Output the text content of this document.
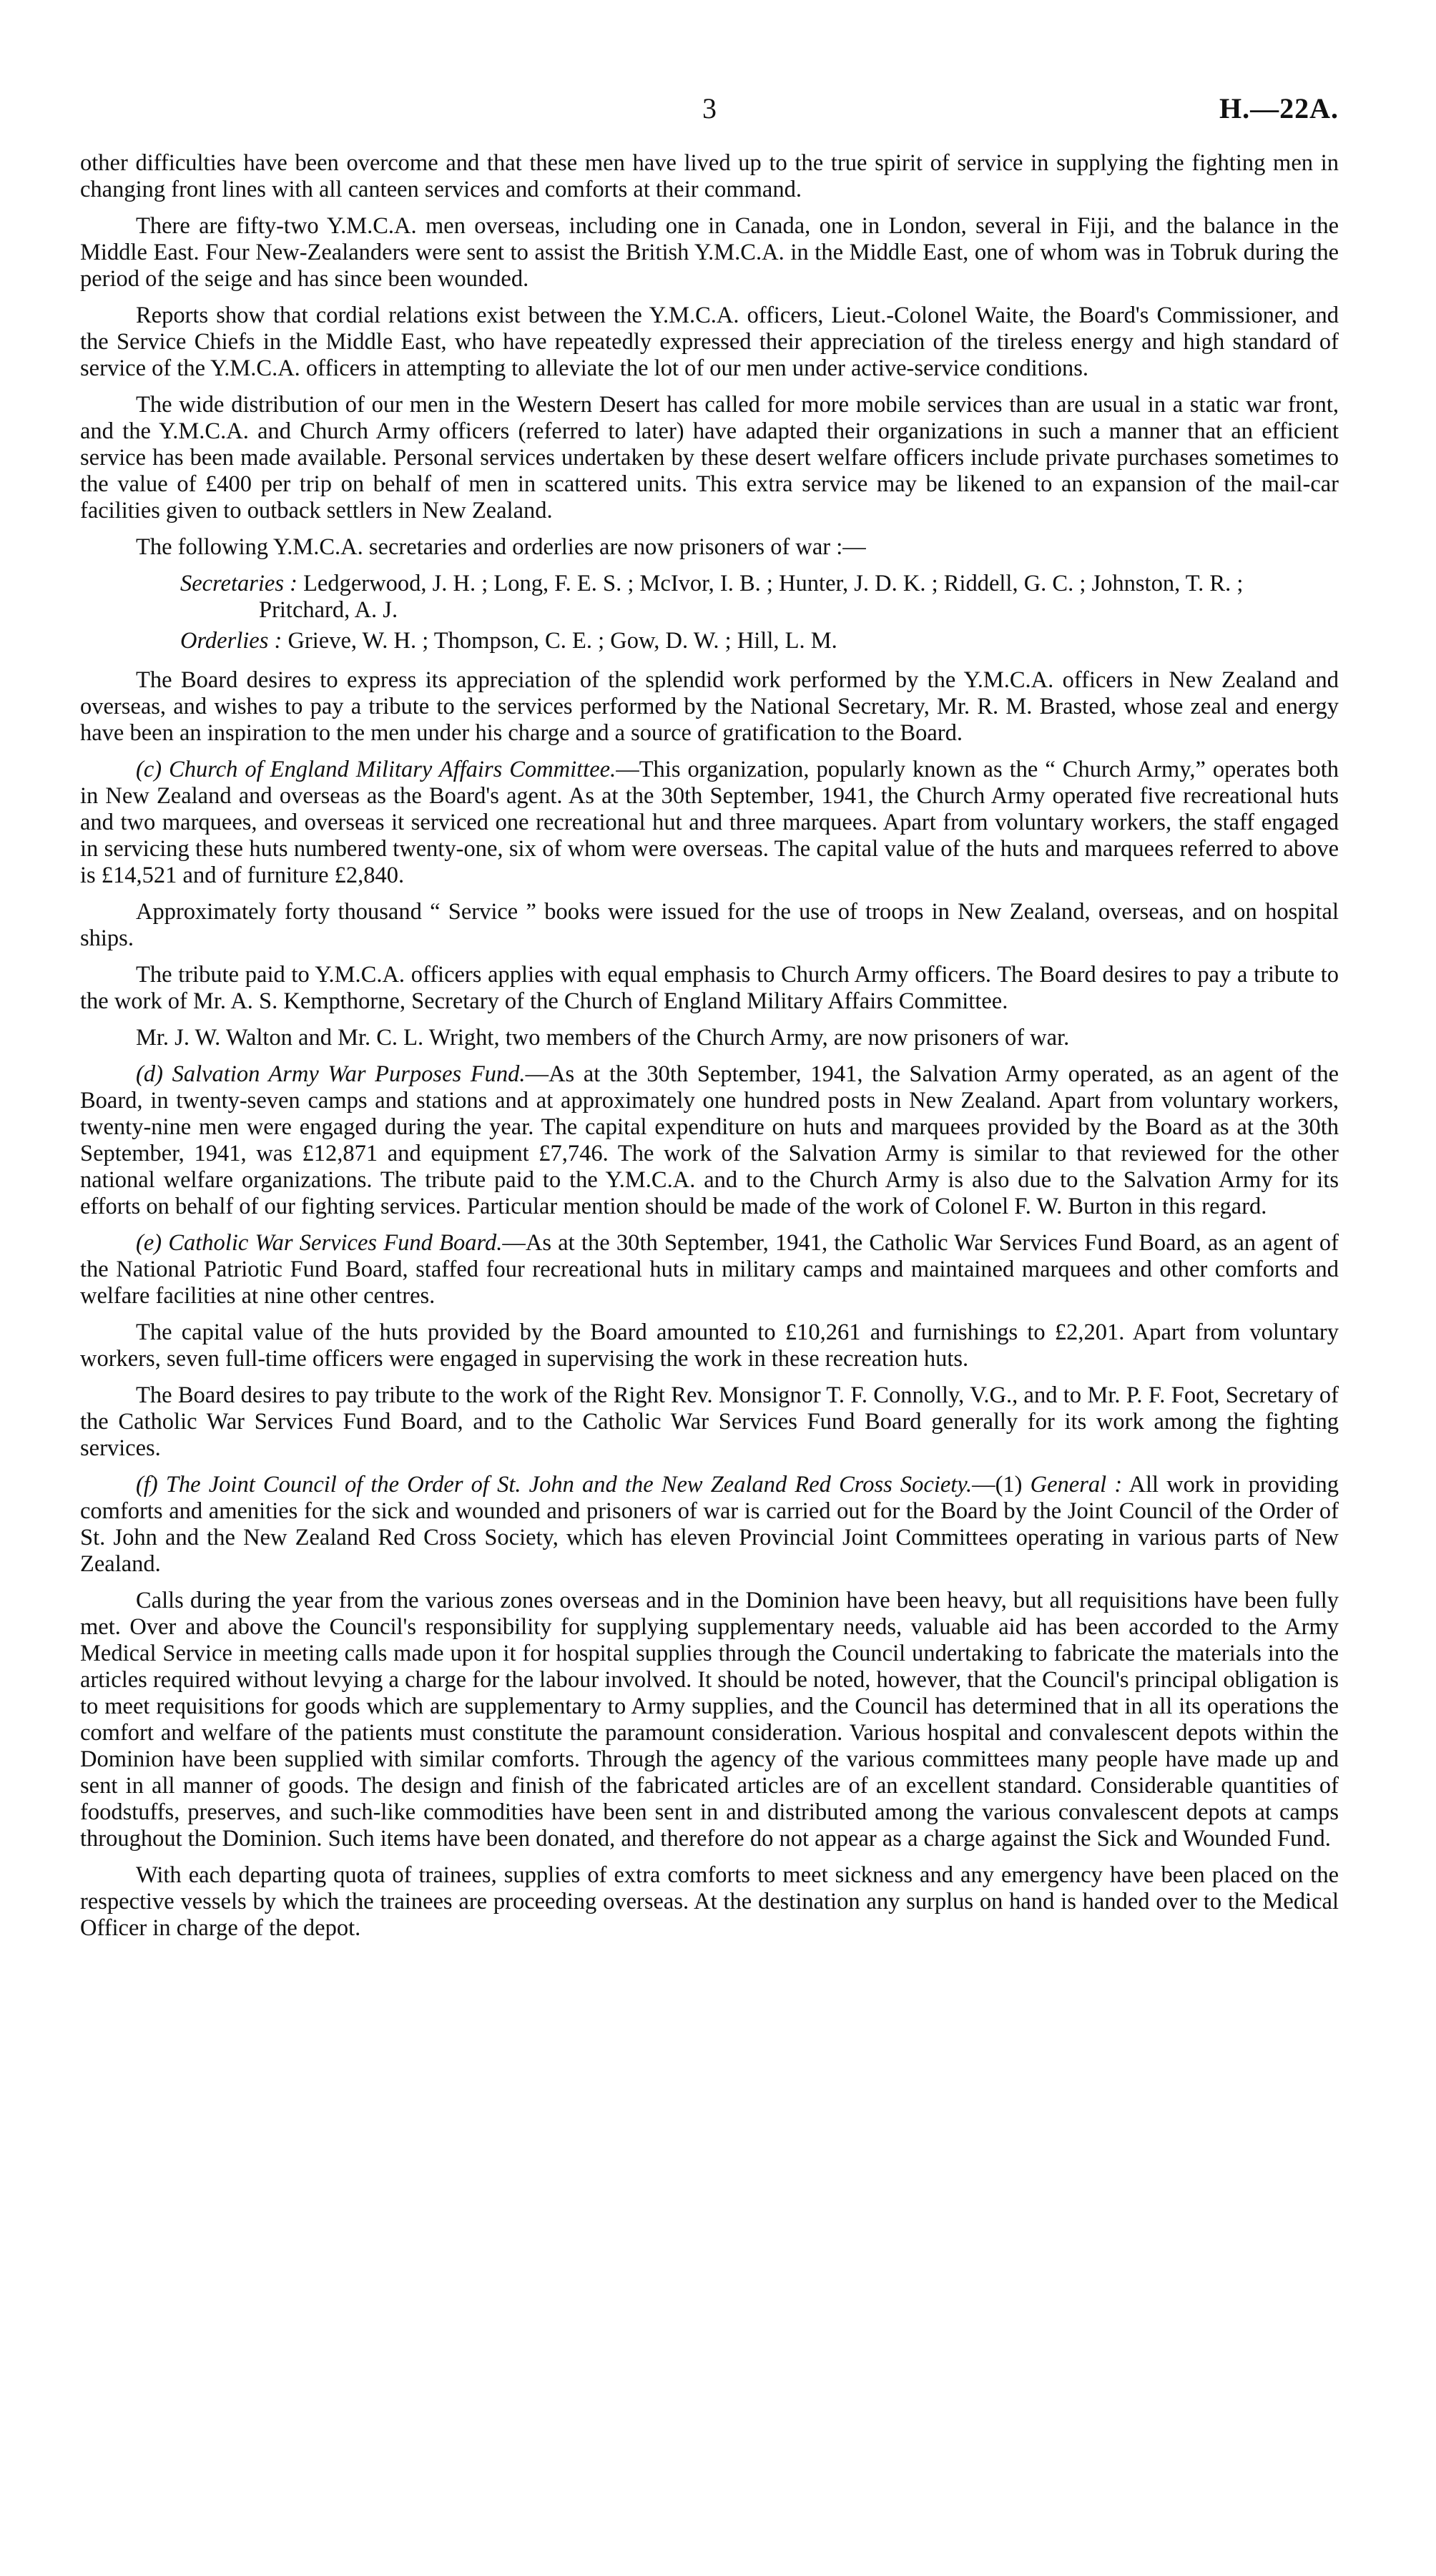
3	H.—22A.

other difficulties have been overcome and that these men have lived up to the true spirit of service in supplying the fighting men in changing front lines with all canteen services and comforts at their command.

There are fifty-two Y.M.C.A. men overseas, including one in Canada, one in London, several in Fiji, and the balance in the Middle East. Four New-Zealanders were sent to assist the British Y.M.C.A. in the Middle East, one of whom was in Tobruk during the period of the seige and has since been wounded.

Reports show that cordial relations exist between the Y.M.C.A. officers, Lieut.-Colonel Waite, the Board's Commissioner, and the Service Chiefs in the Middle East, who have repeatedly expressed their appreciation of the tireless energy and high standard of service of the Y.M.C.A. officers in attempting to alleviate the lot of our men under active-service conditions.

The wide distribution of our men in the Western Desert has called for more mobile services than are usual in a static war front, and the Y.M.C.A. and Church Army officers (referred to later) have adapted their organizations in such a manner that an efficient service has been made available. Personal services undertaken by these desert welfare officers include private purchases sometimes to the value of £400 per trip on behalf of men in scattered units. This extra service may be likened to an expansion of the mail-car facilities given to outback settlers in New Zealand.

The following Y.M.C.A. secretaries and orderlies are now prisoners of war :—

Secretaries : Ledgerwood, J. H. ; Long, F. E. S. ; McIvor, I. B. ; Hunter, J. D. K. ; Riddell, G. C. ; Johnston, T. R. ; Pritchard, A. J.
Orderlies : Grieve, W. H. ; Thompson, C. E. ; Gow, D. W. ; Hill, L. M.

The Board desires to express its appreciation of the splendid work performed by the Y.M.C.A. officers in New Zealand and overseas, and wishes to pay a tribute to the services performed by the National Secretary, Mr. R. M. Brasted, whose zeal and energy have been an inspiration to the men under his charge and a source of gratification to the Board.

(c) Church of England Military Affairs Committee.—This organization, popularly known as the “ Church Army,” operates both in New Zealand and overseas as the Board's agent. As at the 30th September, 1941, the Church Army operated five recreational huts and two marquees, and overseas it serviced one recreational hut and three marquees. Apart from voluntary workers, the staff engaged in servicing these huts numbered twenty-one, six of whom were overseas. The capital value of the huts and marquees referred to above is £14,521 and of furniture £2,840.

Approximately forty thousand “ Service ” books were issued for the use of troops in New Zealand, overseas, and on hospital ships.

The tribute paid to Y.M.C.A. officers applies with equal emphasis to Church Army officers. The Board desires to pay a tribute to the work of Mr. A. S. Kempthorne, Secretary of the Church of England Military Affairs Committee.

Mr. J. W. Walton and Mr. C. L. Wright, two members of the Church Army, are now prisoners of war.

(d) Salvation Army War Purposes Fund.—As at the 30th September, 1941, the Salvation Army operated, as an agent of the Board, in twenty-seven camps and stations and at approximately one hundred posts in New Zealand. Apart from voluntary workers, twenty-nine men were engaged during the year. The capital expenditure on huts and marquees provided by the Board as at the 30th September, 1941, was £12,871 and equipment £7,746. The work of the Salvation Army is similar to that reviewed for the other national welfare organizations. The tribute paid to the Y.M.C.A. and to the Church Army is also due to the Salvation Army for its efforts on behalf of our fighting services. Particular mention should be made of the work of Colonel F. W. Burton in this regard.

(e) Catholic War Services Fund Board.—As at the 30th September, 1941, the Catholic War Services Fund Board, as an agent of the National Patriotic Fund Board, staffed four recreational huts in military camps and maintained marquees and other comforts and welfare facilities at nine other centres.

The capital value of the huts provided by the Board amounted to £10,261 and furnishings to £2,201. Apart from voluntary workers, seven full-time officers were engaged in supervising the work in these recreation huts.

The Board desires to pay tribute to the work of the Right Rev. Monsignor T. F. Connolly, V.G., and to Mr. P. F. Foot, Secretary of the Catholic War Services Fund Board, and to the Catholic War Services Fund Board generally for its work among the fighting services.

(f) The Joint Council of the Order of St. John and the New Zealand Red Cross Society.—(1) General : All work in providing comforts and amenities for the sick and wounded and prisoners of war is carried out for the Board by the Joint Council of the Order of St. John and the New Zealand Red Cross Society, which has eleven Provincial Joint Committees operating in various parts of New Zealand.

Calls during the year from the various zones overseas and in the Dominion have been heavy, but all requisitions have been fully met. Over and above the Council's responsibility for supplying supplementary needs, valuable aid has been accorded to the Army Medical Service in meeting calls made upon it for hospital supplies through the Council undertaking to fabricate the materials into the articles required without levying a charge for the labour involved. It should be noted, however, that the Council's principal obligation is to meet requisitions for goods which are supplementary to Army supplies, and the Council has determined that in all its operations the comfort and welfare of the patients must constitute the paramount consideration. Various hospital and convalescent depots within the Dominion have been supplied with similar comforts. Through the agency of the various committees many people have made up and sent in all manner of goods. The design and finish of the fabricated articles are of an excellent standard. Considerable quantities of foodstuffs, preserves, and such-like commodities have been sent in and distributed among the various convalescent depots at camps throughout the Dominion. Such items have been donated, and therefore do not appear as a charge against the Sick and Wounded Fund.

With each departing quota of trainees, supplies of extra comforts to meet sickness and any emergency have been placed on the respective vessels by which the trainees are proceeding overseas. At the destination any surplus on hand is handed over to the Medical Officer in charge of the depot.
